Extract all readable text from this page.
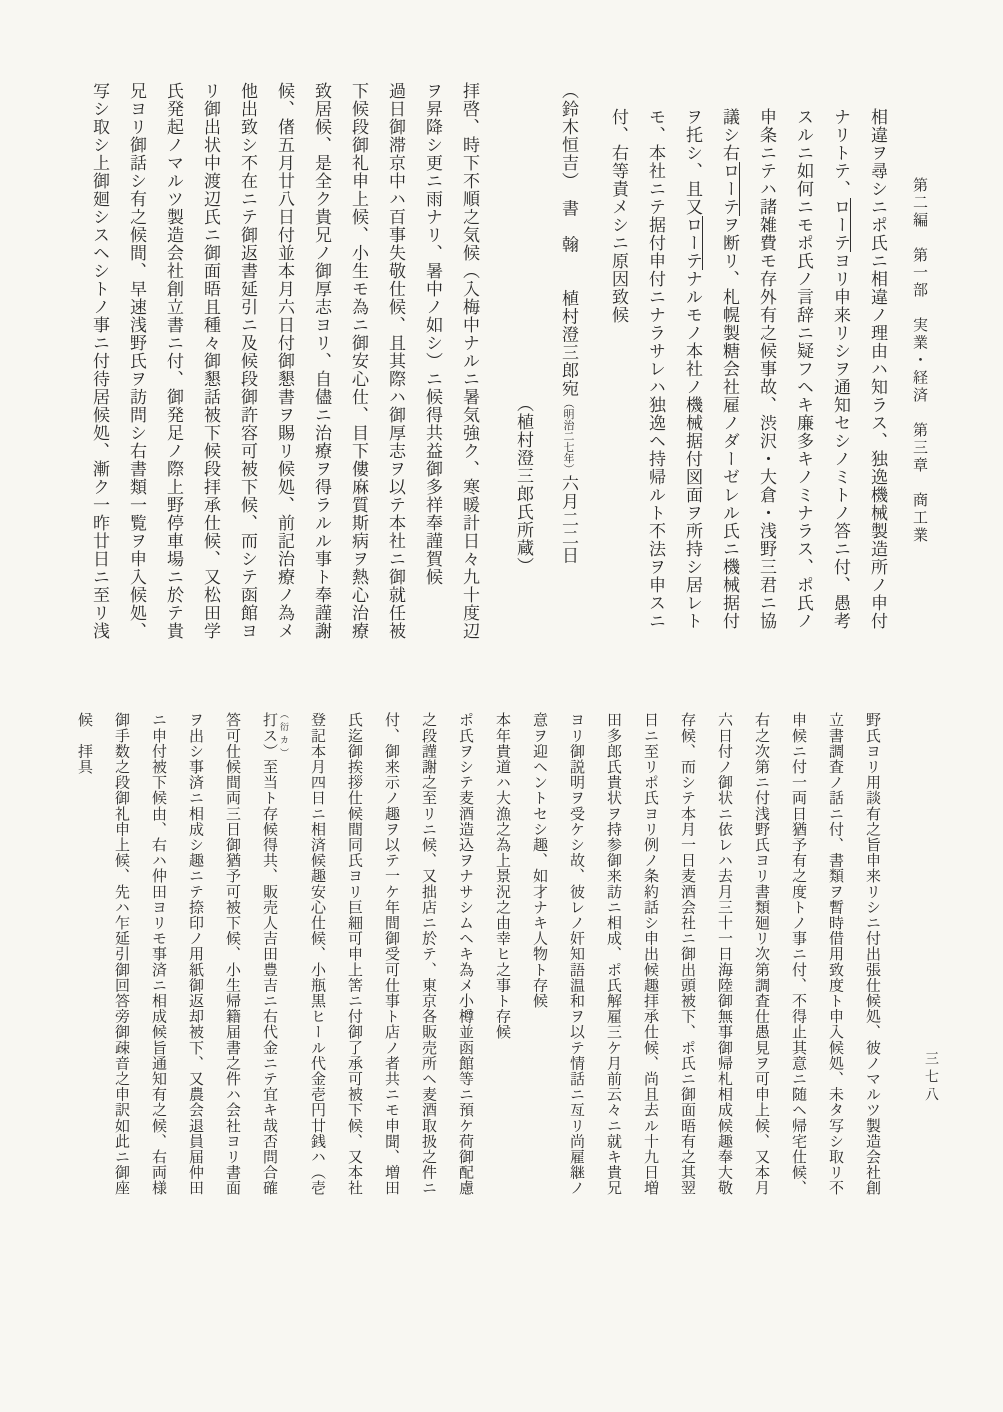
第二編　第一部　実業・経済　第三章　商工業
相違ヲ尋シニポ氏ニ相違ノ理由ハ知ラス、独逸機械製造所ノ申付
ナリトテ、ローテヨリ申来リシヲ通知セシノミトノ答ニ付、愚考
スルニ如何ニモポ氏ノ言辞ニ疑フヘキ廉多キノミナラス、ポ氏ノ
申条ニテハ諸雑費モ存外有之候事故、渋沢・大倉・浅野三君ニ協
議シ右ローテヲ断リ、札幌製糖会社雇ノダーゼレル氏ニ機械据付
ヲ托シ、且又ローテナルモノ本社ノ機械据付図面ヲ所持シ居レト
モ、本社ニテ据付申付ニナラサレハ独逸ヘ持帰ルト不法ヲ申スニ
付、右等責メシニ原因致候
（鈴木恒吉）　書　翰　　植村澄三郎宛（明治二七年）六月二二日
（植村澄三郎氏所蔵）
拝啓、時下不順之気候（入梅中ナルニ暑気強ク、寒暖計日々九十度辺
ヲ昇降シ更ニ雨ナリ、暑中ノ如シ）ニ候得共益御多祥奉謹賀候
過日御滞京中ハ百事失敬仕候、且其際ハ御厚志ヲ以テ本社ニ御就任被
下候段御礼申上候、小生モ為ニ御安心仕、目下僂麻質斯病ヲ熱心治療
致居候、是全ク貴兄ノ御厚志ヨリ、自儘ニ治療ヲ得ラルル事ト奉謹謝
候、偖五月廿八日付並本月六日付御懇書ヲ賜リ候処、前記治療ノ為メ
他出致シ不在ニテ御返書延引ニ及候段御許容可被下候、而シテ函館ヨ
リ御出状中渡辺氏ニ御面晤且種々御懇話被下候段拝承仕候、又松田学
氏発起ノマルツ製造会社創立書ニ付、御発足ノ際上野停車場ニ於テ貴
兄ヨリ御話シ有之候間、早速浅野氏ヲ訪問シ右書類一覧ヲ申入候処、
写シ取シ上御廻シスヘシトノ事ニ付待居候処、漸ク一昨廿日ニ至リ浅
野氏ヨリ用談有之旨申来リシニ付出張仕候処、彼ノマルツ製造会社創
立書調査ノ話ニ付、書類ヲ暫時借用致度ト申入候処、未タ写シ取リ不
申候ニ付一両日猶予有之度トノ事ニ付、不得止其意ニ随ヘ帰宅仕候、
右之次第ニ付浅野氏ヨリ書類廻リ次第調査仕愚見ヲ可申上候、又本月
六日付ノ御状ニ依レハ去月三十一日海陸御無事御帰札相成候趣奉大敬
存候、而シテ本月一日麦酒会社ニ御出頭被下、ポ氏ニ御面晤有之其翌
日ニ至リポ氏ヨリ例ノ条約話シ申出候趣拝承仕候、尚且去ル十九日増
田多郎氏貴状ヲ持参御来訪ニ相成、ポ氏解雇三ケ月前云々ニ就キ貴兄
ヨリ御説明ヲ受ケシ故、彼レノ奸知語温和ヲ以テ情話ニ亙リ尚雇継ノ
意ヲ迎ヘントセシ趣、如才ナキ人物ト存候
本年貴道ハ大漁之為上景況之由幸ヒ之事ト存候
ポ氏ヲシテ麦酒造込ヲナサシムヘキ為メ小樽並函館等ニ預ケ荷御配慮
之段謹謝之至リニ候、又拙店ニ於テ、東京各販売所ヘ麦酒取扱之件ニ
付、御来示ノ趣ヲ以テ一ケ年間御受可仕事ト店ノ者共ニモ申聞、増田
氏迄御挨拶仕候間同氏ヨリ巨細可申上筈ニ付御了承可被下候、又本社
登記本月四日ニ相済候趣安心仕候、小瓶黒ヒール代金壱円廿銭ハ（壱
打ス） （衍カ）至当ト存候得共、販売人吉田豊吉ニ右代金ニテ宜キ哉否問合確
答可仕候間両三日御猶予可被下候、小生帰籍届書之件ハ会社ヨリ書面
ヲ出シ事済ニ相成シ趣ニテ捺印ノ用紙御返却被下、又農会退員届仲田
ニ申付被下候由、右ハ仲田ヨリモ事済ニ相成候旨通知有之候、右両様
御手数之段御礼申上候、先ハ乍延引御回答旁御疎音之申訳如此ニ御座
候　拝具
三七八
